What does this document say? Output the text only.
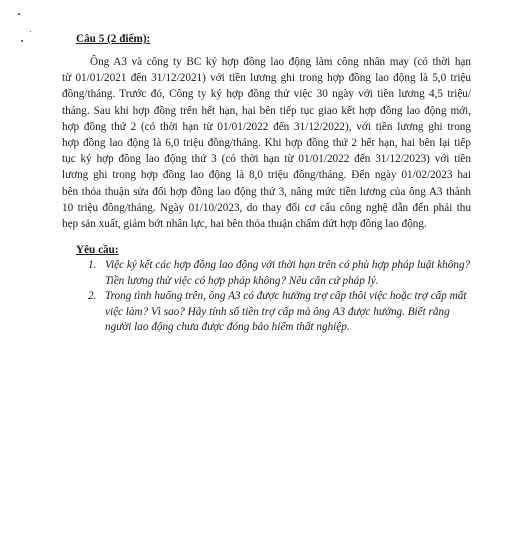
Câu 5 (2 điểm):
Ông A3 và công ty BC ký hợp đồng lao động làm công nhân may (có thời hạn
từ 01/01/2021 đến 31/12/2021) với tiền lương ghi trong hợp đồng lao động là 5,0 triệu
đồng/tháng. Trước đó, Công ty ký hợp đồng thử việc 30 ngày với tiền lương 4,5 triệu/
tháng. Sau khi hợp đồng trên hết hạn, hai bên tiếp tục giao kết hợp đồng lao động mới,
hợp đồng thứ 2 (có thời hạn từ 01/01/2022 đến 31/12/2022), với tiền lương ghi trong
hợp đồng lao động là 6,0 triệu đồng/tháng. Khi hợp đồng thứ 2 hết hạn, hai bên lại tiếp
tục ký hợp đồng lao động thứ 3 (có thời hạn từ 01/01/2022 đến 31/12/2023) với tiền
lương ghi trong hợp đồng lao động là 8,0 triệu đồng/tháng. Đến ngày 01/02/2023 hai
bên thỏa thuận sửa đổi hợp đồng lao động thứ 3, nâng mức tiền lương của ông A3 thành
10 triệu đồng/tháng. Ngày 01/10/2023, do thay đổi cơ cấu công nghệ dẫn đến phải thu
hẹp sản xuất, giảm bớt nhân lực, hai bên thỏa thuận chấm dứt hợp đồng lao động.
Yêu cầu:
1. Việc ký kết các hợp đồng lao động với thời hạn trên có phù hợp pháp luật không?
Tiền lương thử việc có hợp pháp không? Nêu căn cứ pháp lý.
2. Trong tình huống trên, ông A3 có được hưởng trợ cấp thôi việc hoặc trợ cấp mất
việc làm? Vì sao? Hãy tính số tiền trợ cấp mà ông A3 được hưởng. Biết rằng
người lao động chưa được đóng bảo hiểm thất nghiệp.
